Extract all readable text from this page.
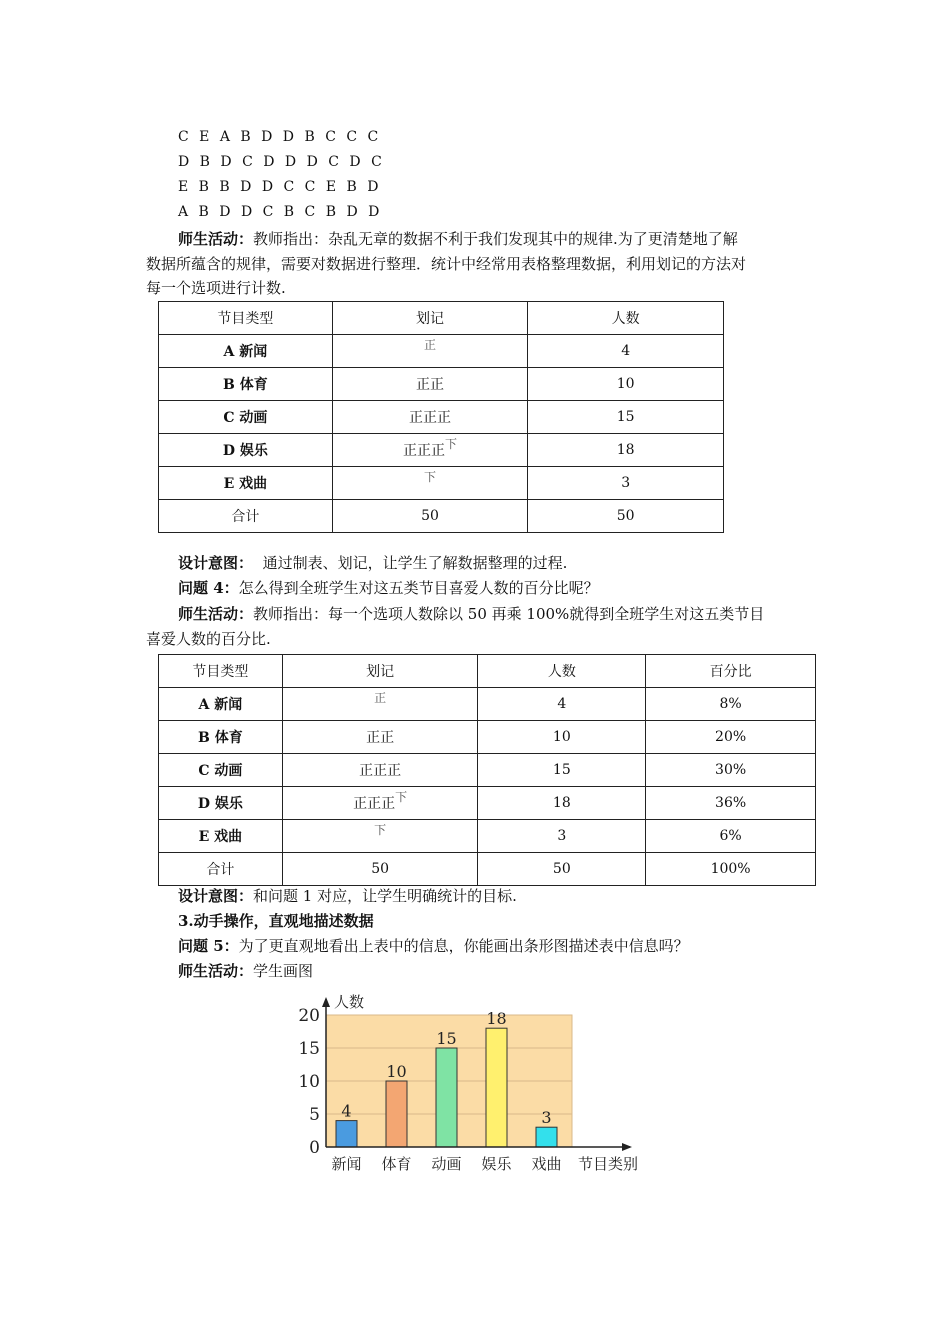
C E A B D D B C C C
D B D C D D D C D C
E B B D D C C E B D
A B D D C B C B D D
师生活动：教师指出：杂乱无章的数据不利于我们发现其中的规律.为了更清楚地了解
数据所蕴含的规律，需要对数据进行整理．统计中经常用表格整理数据，利用划记的方法对
每一个选项进行计数.
节目类型	划记	人数
A 新闻	正	4
B 体育	正正	10
C 动画	正正正	15
D 娱乐	正正正下	18
E 戏曲	下	3
合计	50	50
设计意图： 通过制表、划记，让学生了解数据整理的过程.
问题 4：怎么得到全班学生对这五类节目喜爱人数的百分比呢？
师生活动：教师指出：每一个选项人数除以 50 再乘 100%就得到全班学生对这五类节目
喜爱人数的百分比.
节目类型	划记	人数	百分比
A 新闻	正	4	8%
B 体育	正正	10	20%
C 动画	正正正	15	30%
D 娱乐	正正正下	18	36%
E 戏曲	下	3	6%
合计	50	50	100%
设计意图：和问题 1 对应，让学生明确统计的目标.
3.动手操作，直观地描述数据
问题 5：为了更直观地看出上表中的信息，你能画出条形图描述表中信息吗？
师生活动：学生画图
0
5
10
15
20
人数
4
新闻
10
体育
15
动画
18
娱乐
3
戏曲 节目类别
